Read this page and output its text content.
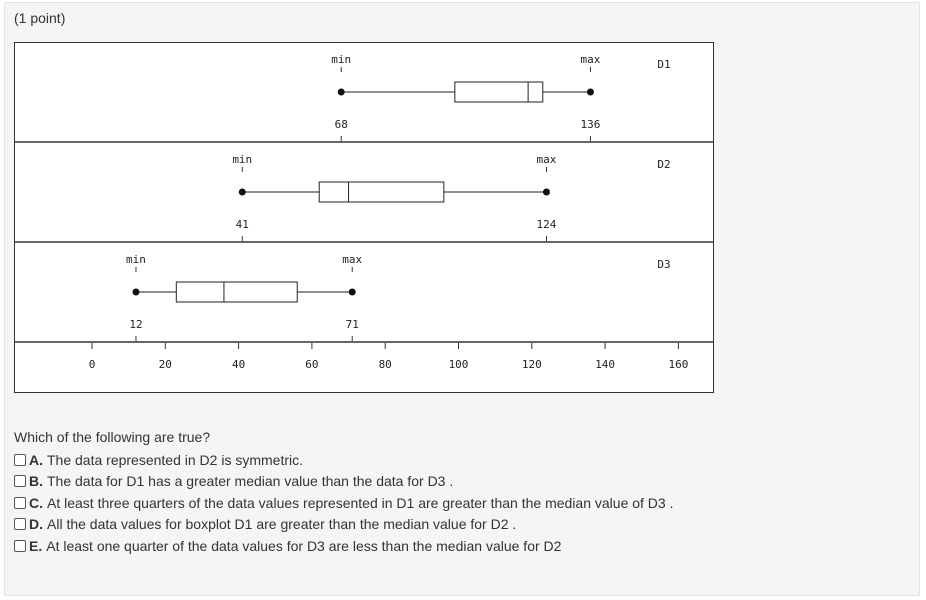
(1 point)
D1
min	max
68	136
D2
min	max
41	124
D3
min	max
12	71
0	20	40	60	80	100	120	140	160
Which of the following are true?
A. The data represented in D2 is symmetric.
B. The data for D1 has a greater median value than the data for D3 .
C. At least three quarters of the data values represented in D1 are greater than the median value of D3 .
D. All the data values for boxplot D1 are greater than the median value for D2 .
E. At least one quarter of the data values for D3 are less than the median value for D2
